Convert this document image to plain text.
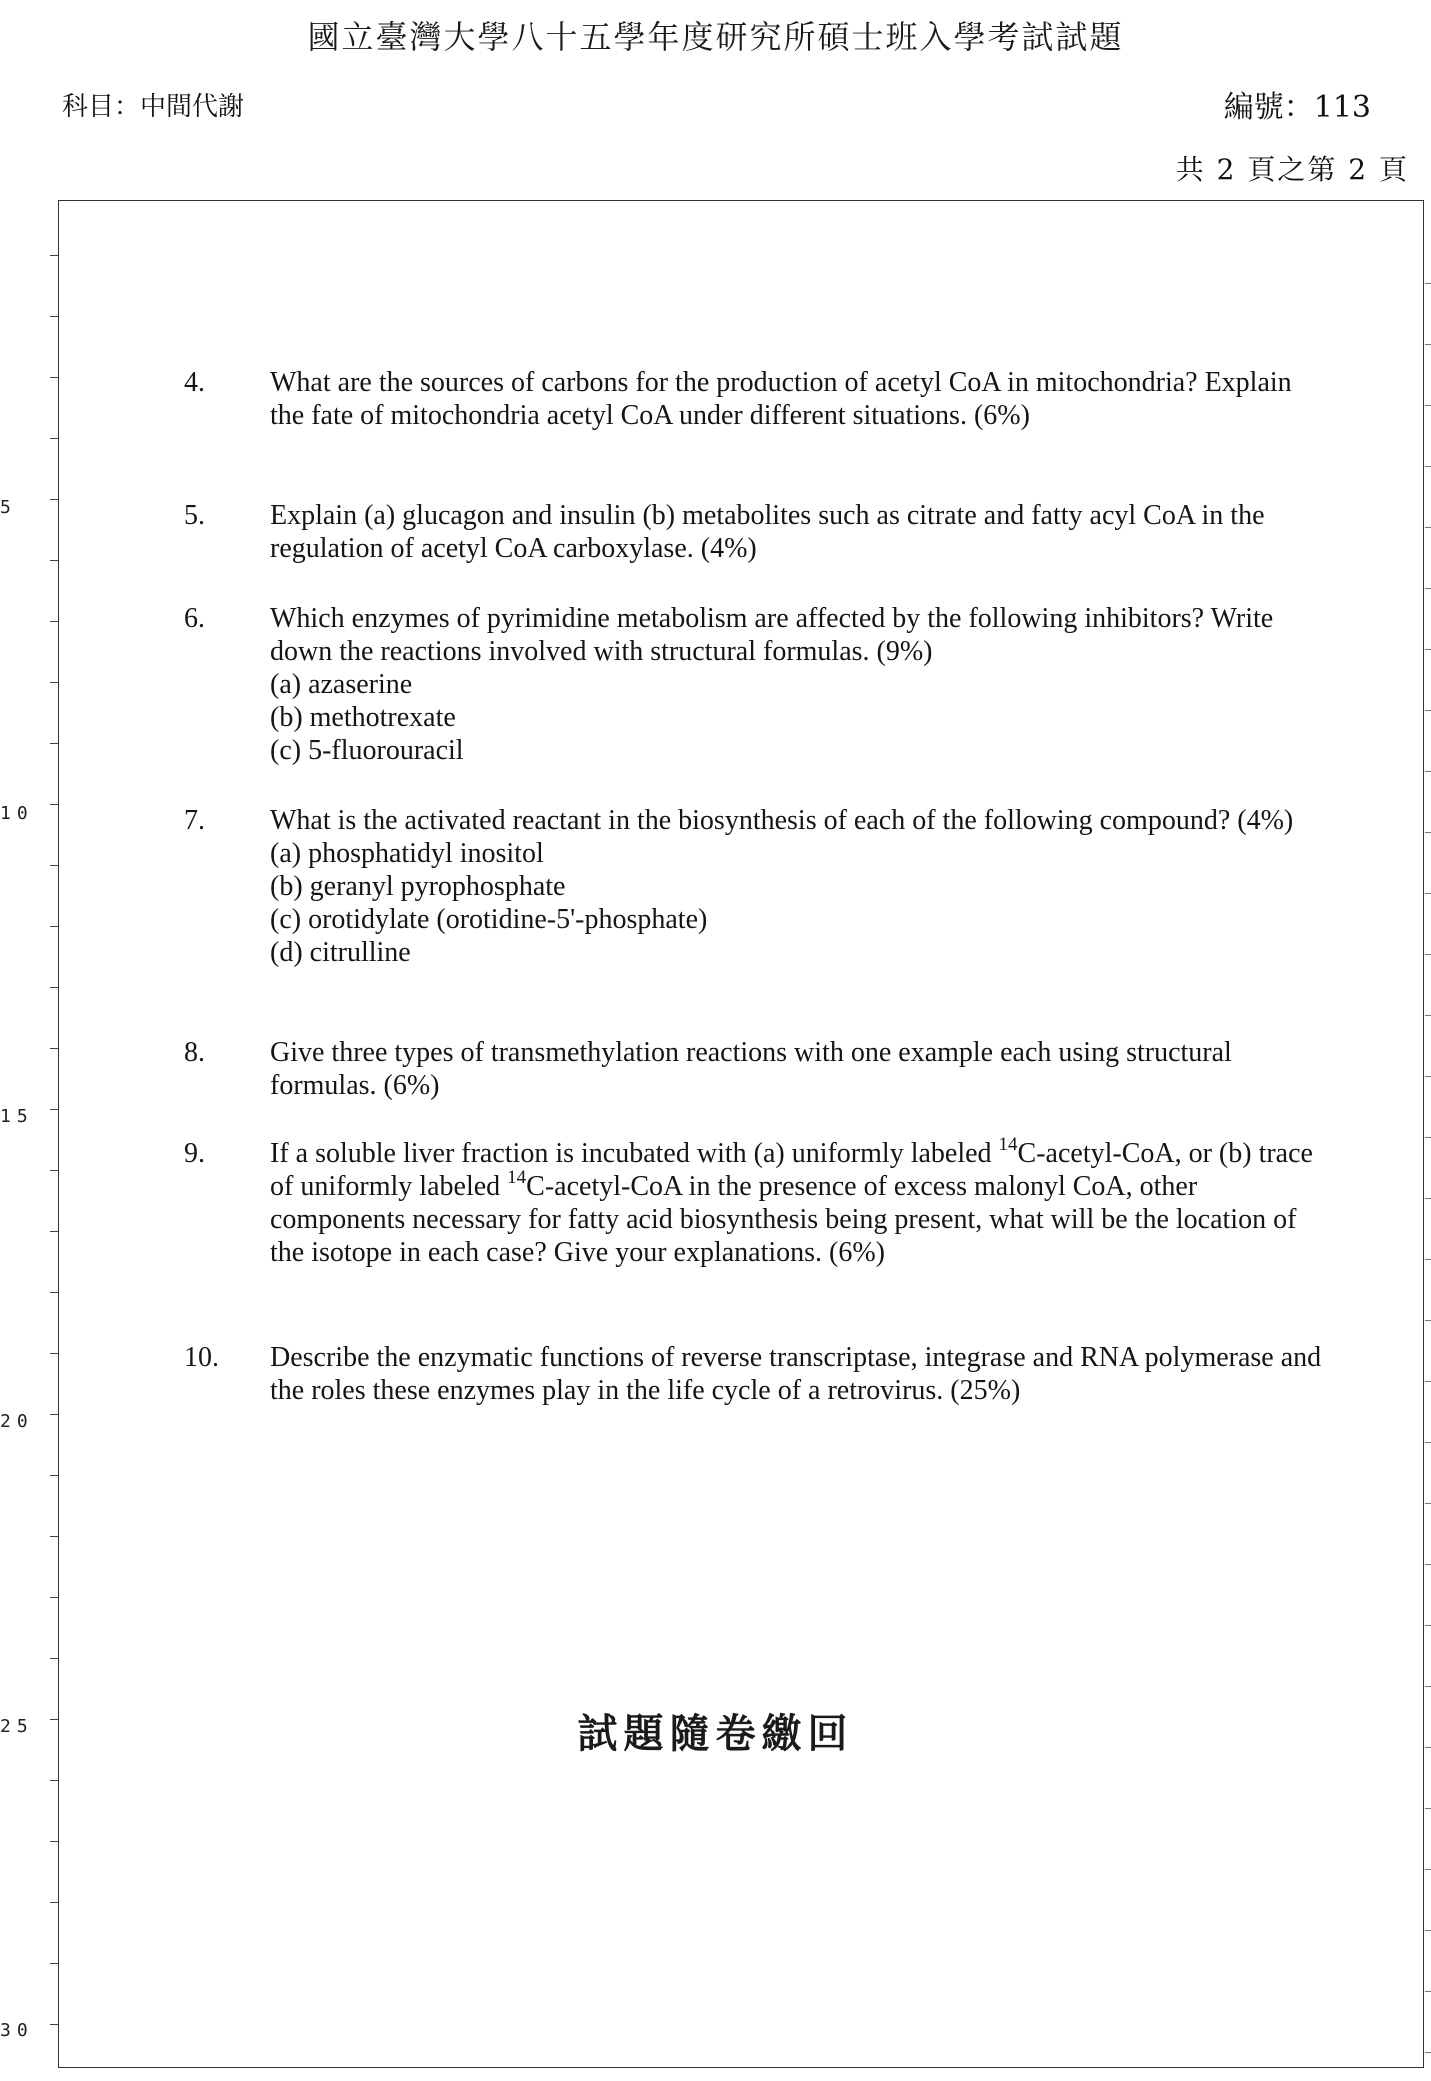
國立臺灣大學八十五學年度研究所碩士班入學考試試題
科目：中間代謝	編號：113
共 2 頁之第 2 頁
5
10
15
20
25
30
4. What are the sources of carbons for the production of acetyl CoA in mitochondria? Explain the fate of mitochondria acetyl CoA under different situations. (6%)
5. Explain (a) glucagon and insulin (b) metabolites such as citrate and fatty acyl CoA in the regulation of acetyl CoA carboxylase. (4%)
6. Which enzymes of pyrimidine metabolism are affected by the following inhibitors? Write down the reactions involved with structural formulas. (9%)
(a) azaserine
(b) methotrexate
(c) 5-fluorouracil
7. What is the activated reactant in the biosynthesis of each of the following compound? (4%)
(a) phosphatidyl inositol
(b) geranyl pyrophosphate
(c) orotidylate (orotidine-5'-phosphate)
(d) citrulline
8. Give three types of transmethylation reactions with one example each using structural formulas. (6%)
9. If a soluble liver fraction is incubated with (a) uniformly labeled $^{14}$C-acetyl-CoA, or (b) trace of uniformly labeled $^{14}$C-acetyl-CoA in the presence of excess malonyl CoA, other components necessary for fatty acid biosynthesis being present, what will be the location of the isotope in each case? Give your explanations. (6%)
10. Describe the enzymatic functions of reverse transcriptase, integrase and RNA polymerase and the roles these enzymes play in the life cycle of a retrovirus. (25%)
試題隨卷繳回
